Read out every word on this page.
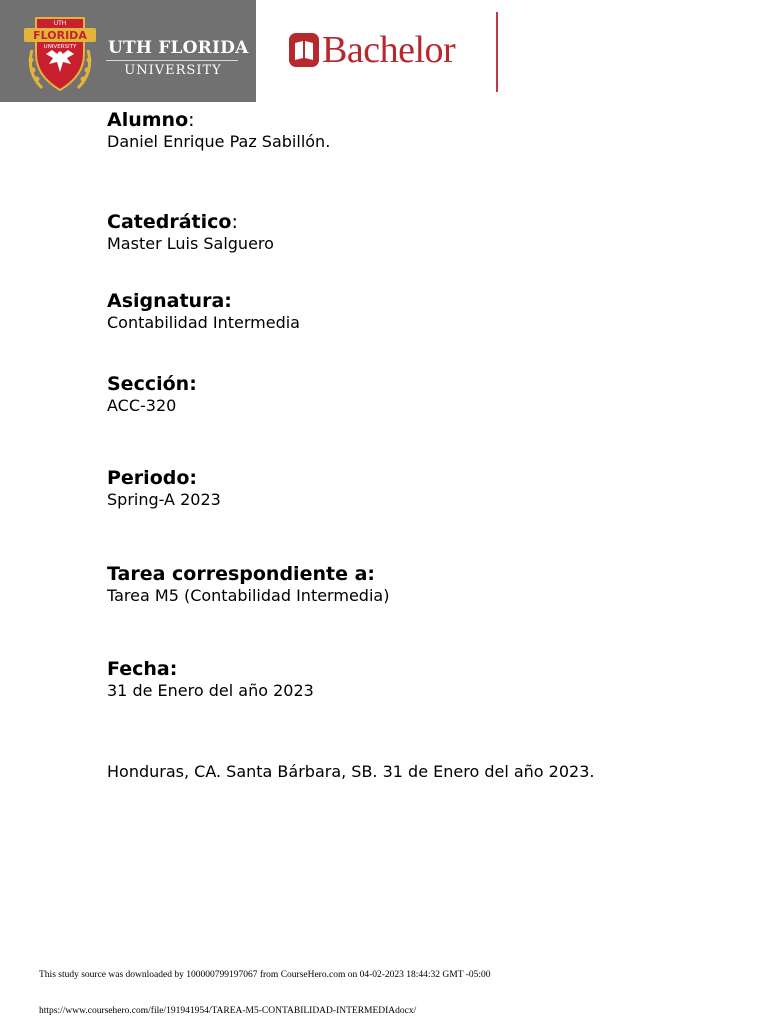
UTH
FLORIDA
UNIVERSITY UTH FLORIDA
UNIVERSITY	Bachelor
Alumno:
Daniel Enrique Paz Sabillón.
Catedrático:
Master Luis Salguero
Asignatura:
Contabilidad Intermedia
Sección:
ACC-320
Periodo:
Spring-A 2023
Tarea correspondiente a:
Tarea M5 (Contabilidad Intermedia)
Fecha:
31 de Enero del año 2023
Honduras, CA. Santa Bárbara, SB. 31 de Enero del año 2023.
This study source was downloaded by 100000799197067 from CourseHero.com on 04-02-2023 18:44:32 GMT -05:00
https://www.coursehero.com/file/191941954/TAREA-M5-CONTABILIDAD-INTERMEDIAdocx/
